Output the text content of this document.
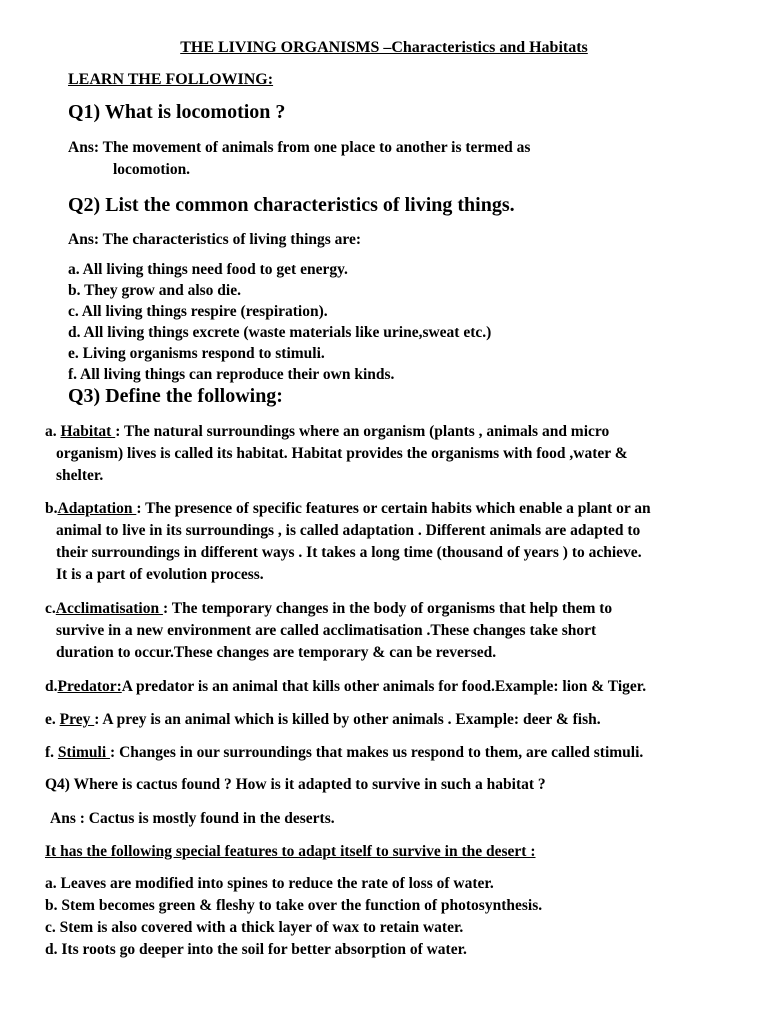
THE LIVING ORGANISMS –Characteristics and Habitats
LEARN THE FOLLOWING:
Q1) What is locomotion ?
Ans: The movement of animals from one place to another is termed as
locomotion.
Q2) List the common characteristics of living things.
Ans: The characteristics of living things are:
a. All living things need food to get energy.
b. They grow and also die.
c. All living things respire (respiration).
d. All living things excrete (waste materials like urine,sweat etc.)
e. Living organisms respond to stimuli.
f. All living things can reproduce their own kinds.
Q3) Define the following:
a. Habitat : The natural surroundings where an organism (plants , animals and micro
organism) lives is called its habitat. Habitat provides the organisms with food ,water &
shelter.
b.Adaptation : The presence of specific features or certain habits which enable a plant or an
animal to live in its surroundings , is called adaptation . Different animals are adapted to
their surroundings in different ways . It takes a long time (thousand of years ) to achieve.
It is a part of evolution process.
c.Acclimatisation : The temporary changes in the body of organisms that help them to
survive in a new environment are called acclimatisation .These changes take short
duration to occur.These changes are temporary & can be reversed.
d.Predator:A predator is an animal that kills other animals for food.Example: lion & Tiger.
e. Prey : A prey is an animal which is killed by other animals . Example: deer & fish.
f. Stimuli : Changes in our surroundings that makes us respond to them, are called stimuli.
Q4) Where is cactus found ? How is it adapted to survive in such a habitat ?
Ans : Cactus is mostly found in the deserts.
It has the following special features to adapt itself to survive in the desert :
a. Leaves are modified into spines to reduce the rate of loss of water.
b. Stem becomes green & fleshy to take over the function of photosynthesis.
c. Stem is also covered with a thick layer of wax to retain water.
d. Its roots go deeper into the soil for better absorption of water.
